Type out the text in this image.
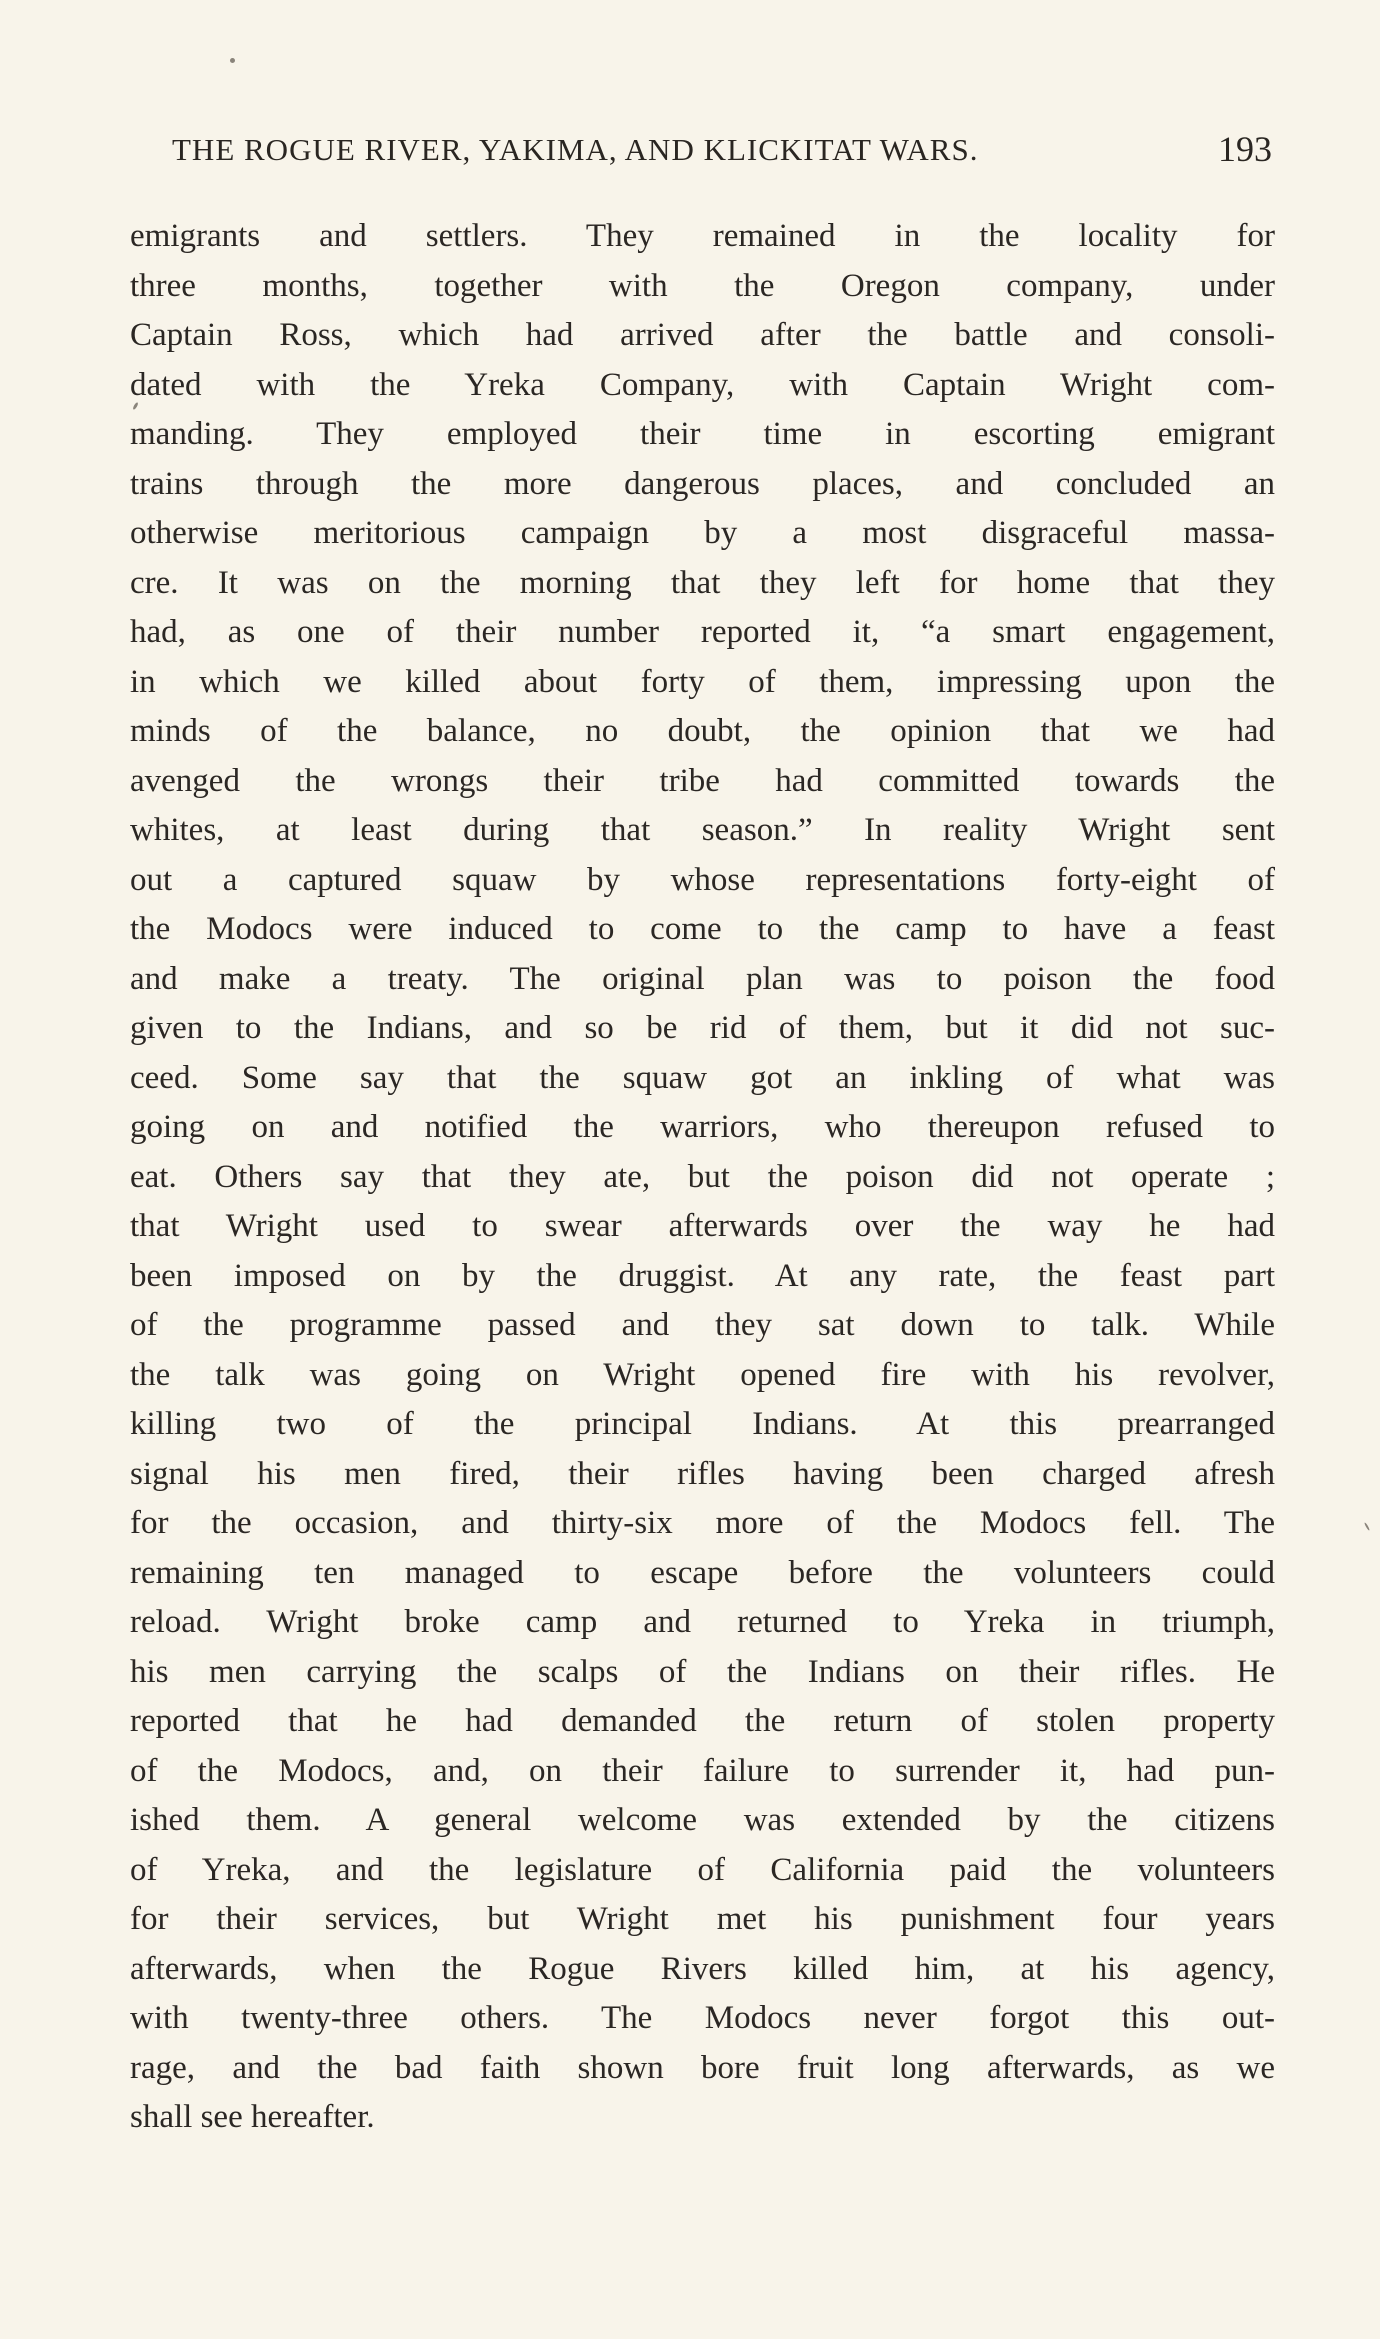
THE ROGUE RIVER, YAKIMA, AND KLICKITAT WARS.	193
emigrants and settlers. They remained in the locality for
three months, together with the Oregon company, under
Captain Ross, which had arrived after the battle and consoli-
dated with the Yreka Company, with Captain Wright com-
manding. They employed their time in escorting emigrant
trains through the more dangerous places, and concluded an
otherwise meritorious campaign by a most disgraceful massa-
cre. It was on the morning that they left for home that they
had, as one of their number reported it, “a smart engagement,
in which we killed about forty of them, impressing upon the
minds of the balance, no doubt, the opinion that we had
avenged the wrongs their tribe had committed towards the
whites, at least during that season.” In reality Wright sent
out a captured squaw by whose representations forty-eight of
the Modocs were induced to come to the camp to have a feast
and make a treaty. The original plan was to poison the food
given to the Indians, and so be rid of them, but it did not suc-
ceed. Some say that the squaw got an inkling of what was
going on and notified the warriors, who thereupon refused to
eat. Others say that they ate, but the poison did not operate ;
that Wright used to swear afterwards over the way he had
been imposed on by the druggist. At any rate, the feast part
of the programme passed and they sat down to talk. While
the talk was going on Wright opened fire with his revolver,
killing two of the principal Indians. At this prearranged
signal his men fired, their rifles having been charged afresh
for the occasion, and thirty-six more of the Modocs fell. The
remaining ten managed to escape before the volunteers could
reload. Wright broke camp and returned to Yreka in triumph,
his men carrying the scalps of the Indians on their rifles. He
reported that he had demanded the return of stolen property
of the Modocs, and, on their failure to surrender it, had pun-
ished them. A general welcome was extended by the citizens
of Yreka, and the legislature of California paid the volunteers
for their services, but Wright met his punishment four years
afterwards, when the Rogue Rivers killed him, at his agency,
with twenty-three others. The Modocs never forgot this out-
rage, and the bad faith shown bore fruit long afterwards, as we
shall see hereafter.
